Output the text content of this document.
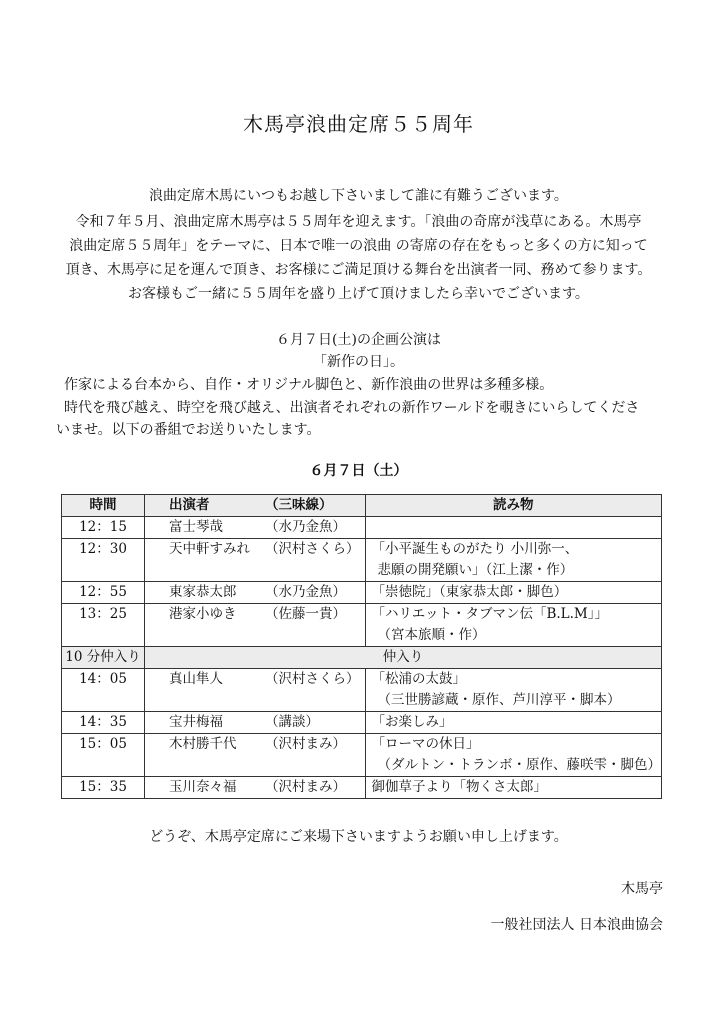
木馬亭浪曲定席５５周年
浪曲定席木馬にいつもお越し下さいまして誰に有難うございます。
令和７年５月、浪曲定席木馬亭は５５周年を迎えます。「浪曲の奇席が浅草にある。木馬亭
浪曲定席５５周年」をテーマに、日本で唯一の浪曲 の寄席の存在をもっと多くの方に知って
頂き、木馬亭に足を運んで頂き、お客様にご満足頂ける舞台を出演者一同、務めて参ります。
お客様もご一緒に５５周年を盛り上げて頂けましたら幸いでございます。
６月７日(土)の企画公演は
「新作の日」。
作家による台本から、自作・オリジナル脚色と、新作浪曲の世界は多種多様。
時代を飛び越え、時空を飛び越え、出演者それぞれの新作ワールドを覗きにいらしてくださ
いませ。以下の番組でお送りいたします。
６月７日（土）
時間	出演者 （三味線）	読み物
12：15	富士琴哉 （水乃金魚）	
12：30	天中軒すみれ （沢村さくら）	「小平誕生ものがたり 小川弥一、
悲願の開発願い」（江上潔・作）

12：55	東家恭太郎 （水乃金魚）	「崇徳院」（東家恭太郎・脚色）

13：25	港家小ゆき （佐藤一貴）	「ハリエット・タブマン伝「B.L.M」」
（宮本旅順・作）

10 分仲入り	仲入り	
14：05	真山隼人 （沢村さくら）	「松浦の太鼓」
（三世勝諺蔵・原作、芦川淳平・脚本）

14：35	宝井梅福 （講談）	「お楽しみ」

15：05	木村勝千代 （沢村まみ）	「ローマの休日」
（ダルトン・トランボ・原作、藤咲雫・脚色）

15：35	玉川奈々福 （沢村まみ）	御伽草子より「物くさ太郎」
どうぞ、木馬亭定席にご来場下さいますようお願い申し上げます。
木馬亭
一般社団法人 日本浪曲協会
